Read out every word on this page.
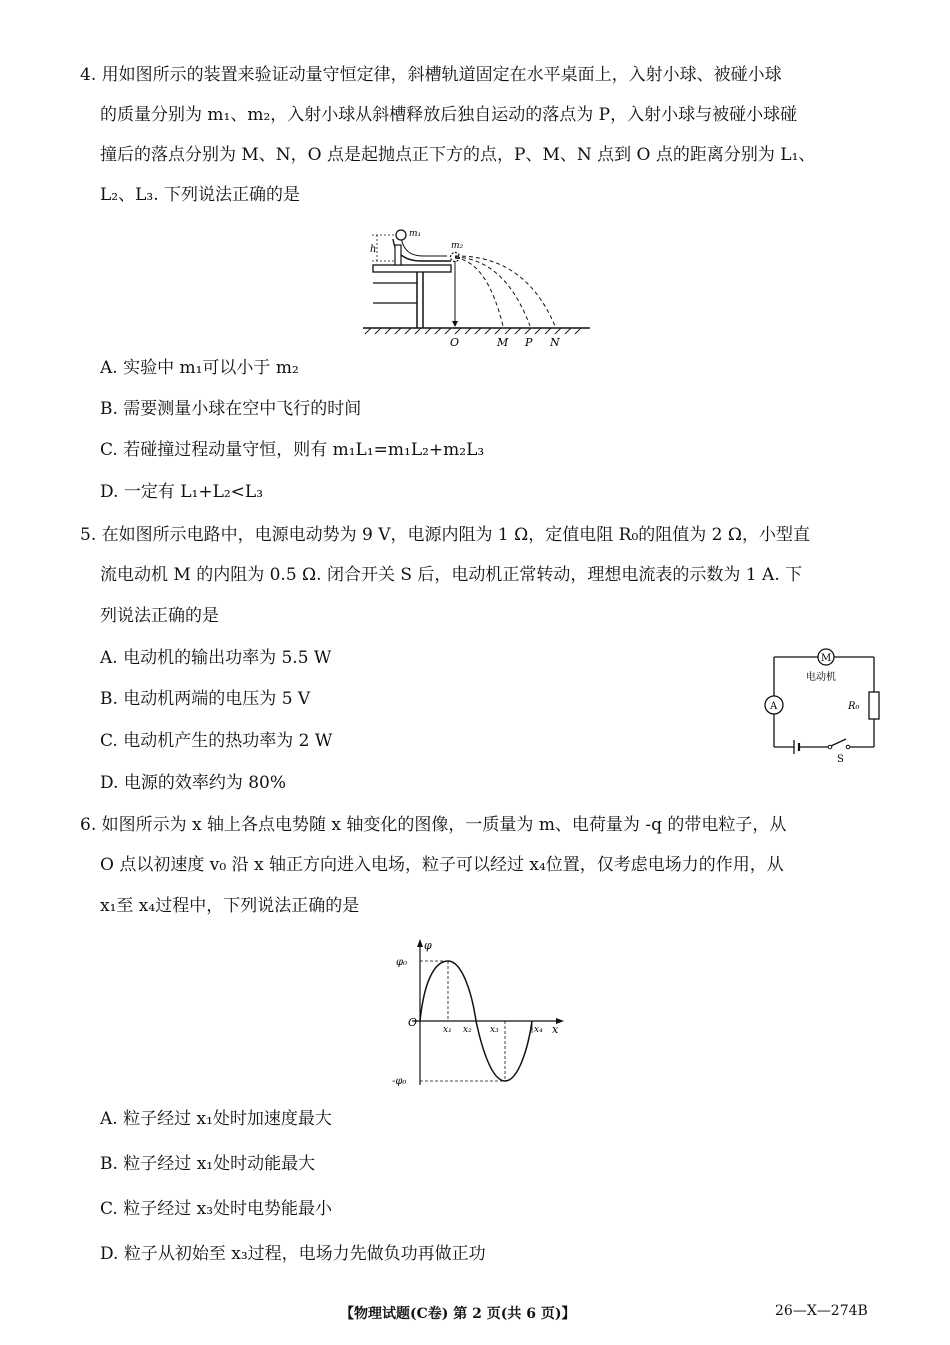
4. 用如图所示的装置来验证动量守恒定律，斜槽轨道固定在水平桌面上，入射小球、被碰小球
的质量分别为 m₁、m₂，入射小球从斜槽释放后独自运动的落点为 P，入射小球与被碰小球碰
撞后的落点分别为 M、N，O 点是起抛点正下方的点，P、M、N 点到 O 点的距离分别为 L₁、
L₂、L₃. 下列说法正确的是
m₁
h	m₂
O	M P N
A. 实验中 m₁可以小于 m₂
B. 需要测量小球在空中飞行的时间
C. 若碰撞过程动量守恒，则有 m₁L₁=m₁L₂+m₂L₃
D. 一定有 L₁+L₂<L₃
5. 在如图所示电路中，电源电动势为 9 V，电源内阻为 1 Ω，定值电阻 R₀的阻值为 2 Ω，小型直
流电动机 M 的内阻为 0.5 Ω. 闭合开关 S 后，电动机正常转动，理想电流表的示数为 1 A. 下
列说法正确的是
A. 电动机的输出功率为 5.5 W
B. 电动机两端的电压为 5 V
C. 电动机产生的热功率为 2 W
D. 电源的效率约为 80%
M
电动机
A	R₀
S
6. 如图所示为 x 轴上各点电势随 x 轴变化的图像，一质量为 m、电荷量为 -q 的带电粒子，从
O 点以初速度 v₀ 沿 x 轴正方向进入电场，粒子可以经过 x₄位置，仅考虑电场力的作用，从
x₁至 x₄过程中，下列说法正确的是
φ
x
O
φ₀
-φ₀
x₁ x₂ x₃	x₄
A. 粒子经过 x₁处时加速度最大
B. 粒子经过 x₁处时动能最大
C. 粒子经过 x₃处时电势能最小
D. 粒子从初始至 x₃过程，电场力先做负功再做正功
【物理试题(C卷) 第 2 页(共 6 页)】	26—X—274B
